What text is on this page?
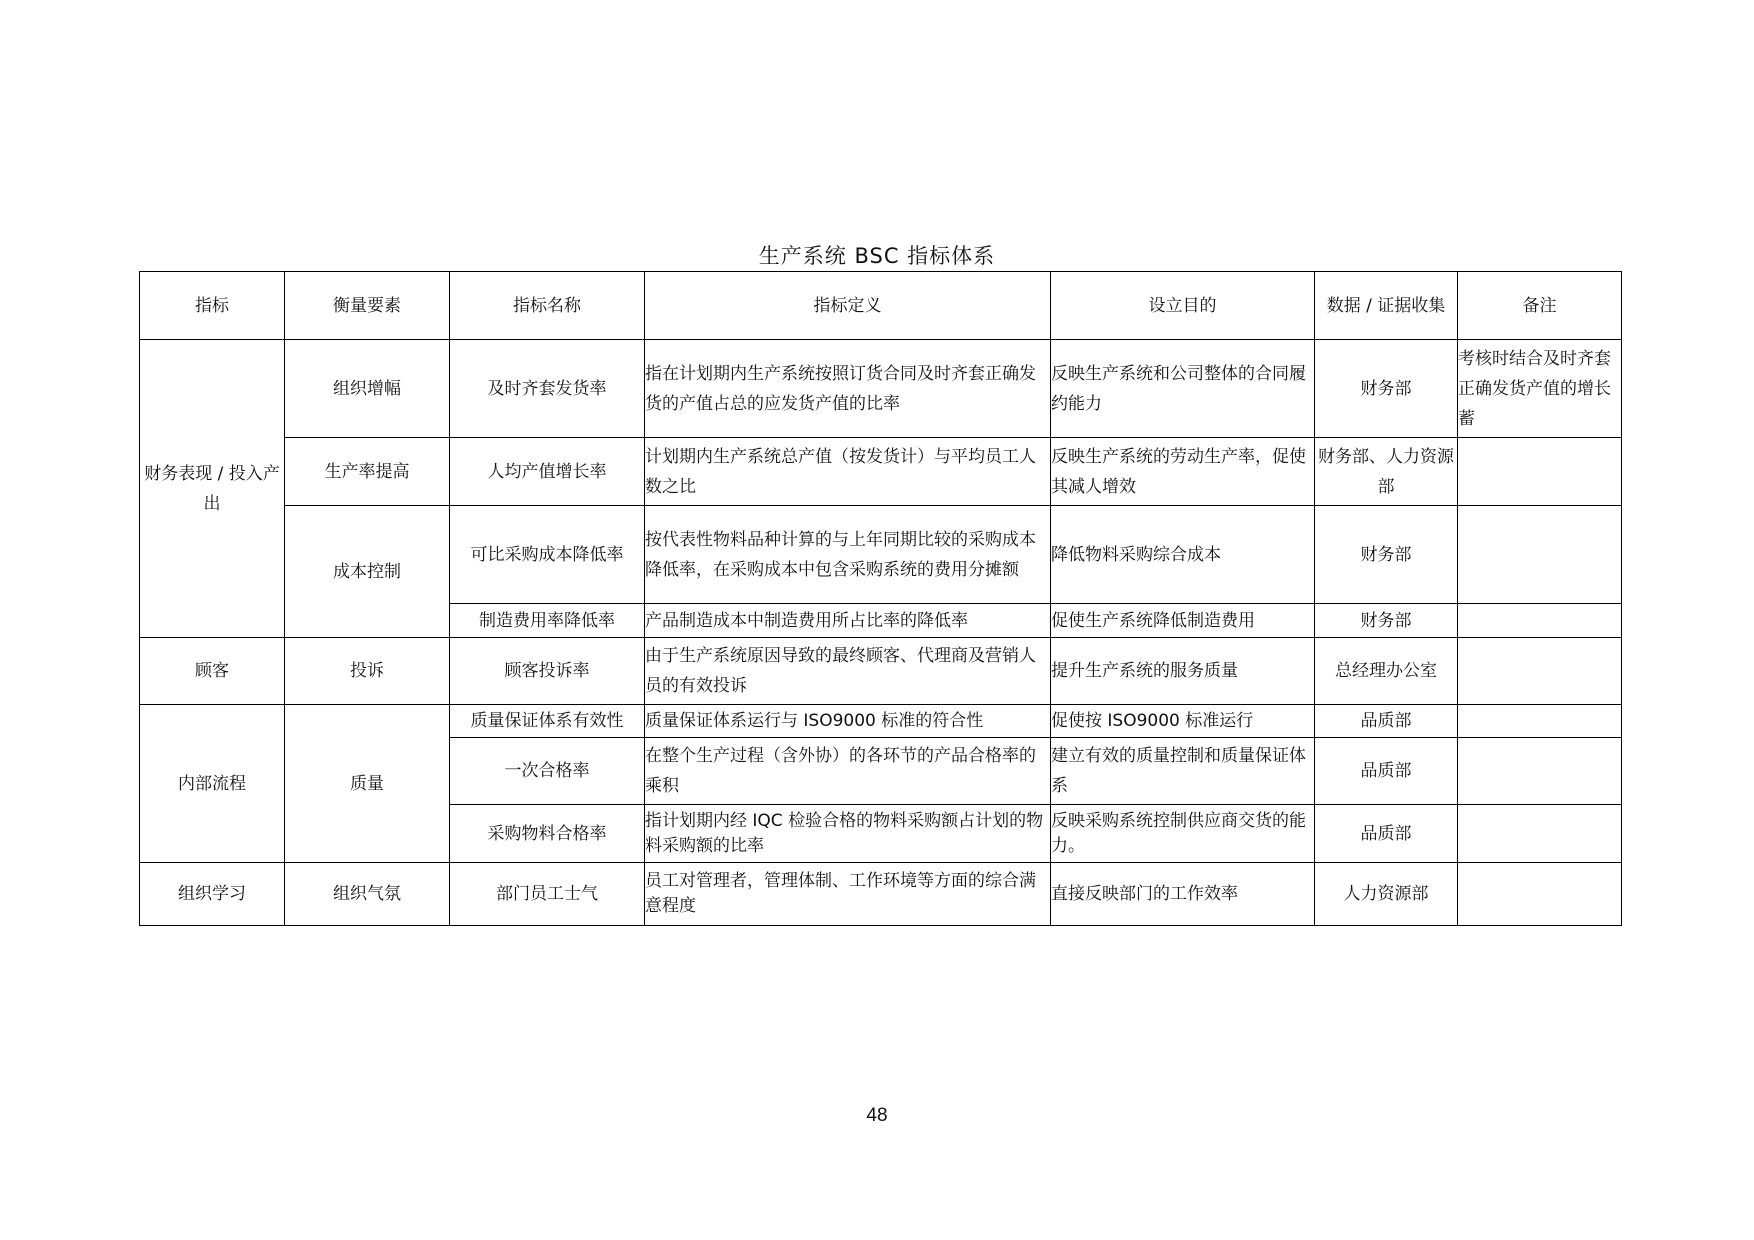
生产系统 BSC 指标体系
指标	衡量要素	指标名称	指标定义	设立目的	数据 / 证据收集	备注
财务表现 / 投入产出	组织增幅	及时齐套发货率	指在计划期内生产系统按照订货合同及时齐套正确发货的产值占总的应发货产值的比率	反映生产系统和公司整体的合同履约能力	财务部	考核时结合及时齐套正确发货产值的增长蓄
	生产率提高	人均产值增长率	计划期内生产系统总产值（按发货计）与平均员工人数之比	反映生产系统的劳动生产率，促使其减人增效	财务部、人力资源部	
	成本控制	可比采购成本降低率	按代表性物料品种计算的与上年同期比较的采购成本降低率，在采购成本中包含采购系统的费用分摊额	降低物料采购综合成本	财务部	
		制造费用率降低率	产品制造成本中制造费用所占比率的降低率	促使生产系统降低制造费用	财务部	
顾客	投诉	顾客投诉率	由于生产系统原因导致的最终顾客、代理商及营销人员的有效投诉	提升生产系统的服务质量	总经理办公室	
内部流程	质量	质量保证体系有效性	质量保证体系运行与 ISO9000 标准的符合性	促使按 ISO9000 标准运行	品质部	
		一次合格率	在整个生产过程（含外协）的各环节的产品合格率的乘积	建立有效的质量控制和质量保证体系	品质部	
		采购物料合格率	指计划期内经 IQC 检验合格的物料采购额占计划的物料采购额的比率	反映采购系统控制供应商交货的能力。	品质部	
组织学习	组织气氛	部门员工士气	员工对管理者，管理体制、工作环境等方面的综合满意程度	直接反映部门的工作效率	人力资源部	
48
